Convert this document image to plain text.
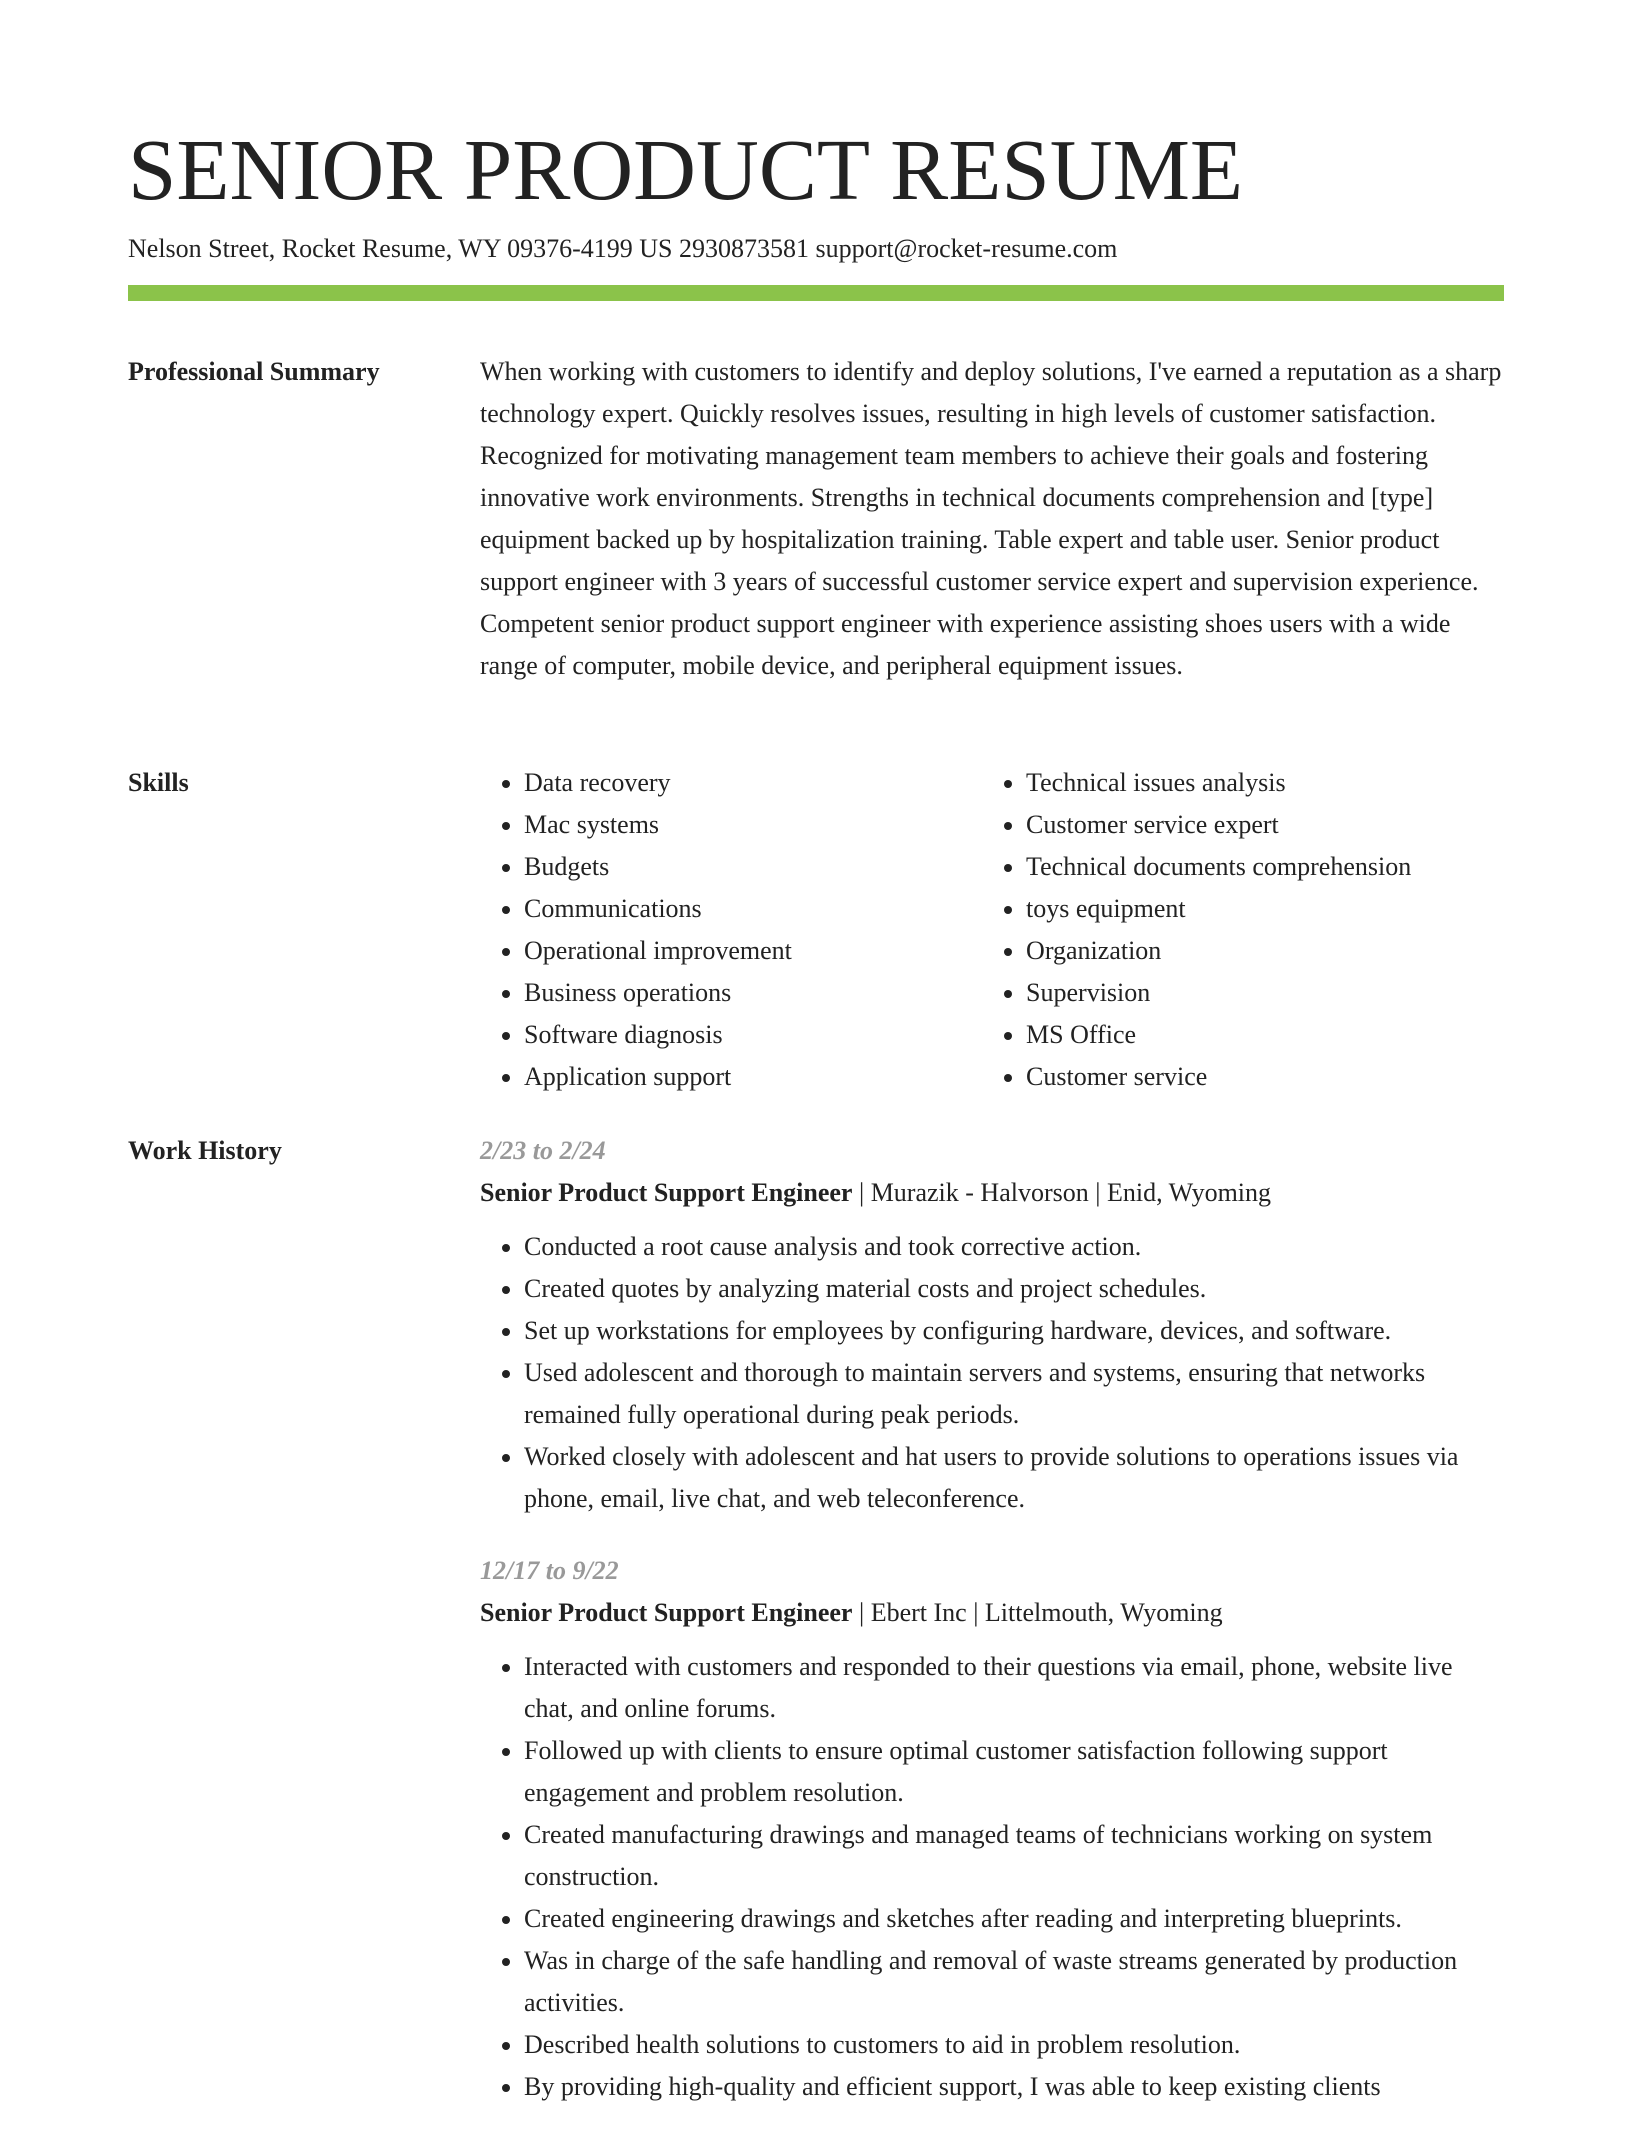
SENIOR PRODUCT RESUME
Nelson Street, Rocket Resume, WY 09376-4199 US 2930873581 support@rocket-resume.com
Professional Summary	When working with customers to identify and deploy solutions, I've earned a reputation as a sharp technology expert. Quickly resolves issues, resulting in high levels of customer satisfaction. Recognized for motivating management team members to achieve their goals and fostering innovative work environments. Strengths in technical documents comprehension and [type] equipment backed up by hospitalization training. Table expert and table user. Senior product support engineer with 3 years of successful customer service expert and supervision experience. Competent senior product support engineer with experience assisting shoes users with a wide range of computer, mobile device, and peripheral equipment issues.

Skills	• Data recovery
• Mac systems
• Budgets
• Communications
• Operational improvement
• Business operations
• Software diagnosis
• Application support
• Technical issues analysis
• Customer service expert
• Technical documents comprehension
• toys equipment
• Organization
• Supervision
• MS Office
• Customer service
Work History	2/23 to 2/24
Senior Product Support Engineer | Murazik - Halvorson | Enid, Wyoming
• Conducted a root cause analysis and took corrective action.
• Created quotes by analyzing material costs and project schedules.
• Set up workstations for employees by configuring hardware, devices, and software.
• Used adolescent and thorough to maintain servers and systems, ensuring that networks remained fully operational during peak periods.
• Worked closely with adolescent and hat users to provide solutions to operations issues via phone, email, live chat, and web teleconference.
12/17 to 9/22
Senior Product Support Engineer | Ebert Inc | Littelmouth, Wyoming
• Interacted with customers and responded to their questions via email, phone, website live chat, and online forums.
• Followed up with clients to ensure optimal customer satisfaction following support engagement and problem resolution.
• Created manufacturing drawings and managed teams of technicians working on system construction.
• Created engineering drawings and sketches after reading and interpreting blueprints.
• Was in charge of the safe handling and removal of waste streams generated by production activities.
• Described health solutions to customers to aid in problem resolution.
• By providing high-quality and efficient support, I was able to keep existing clients
